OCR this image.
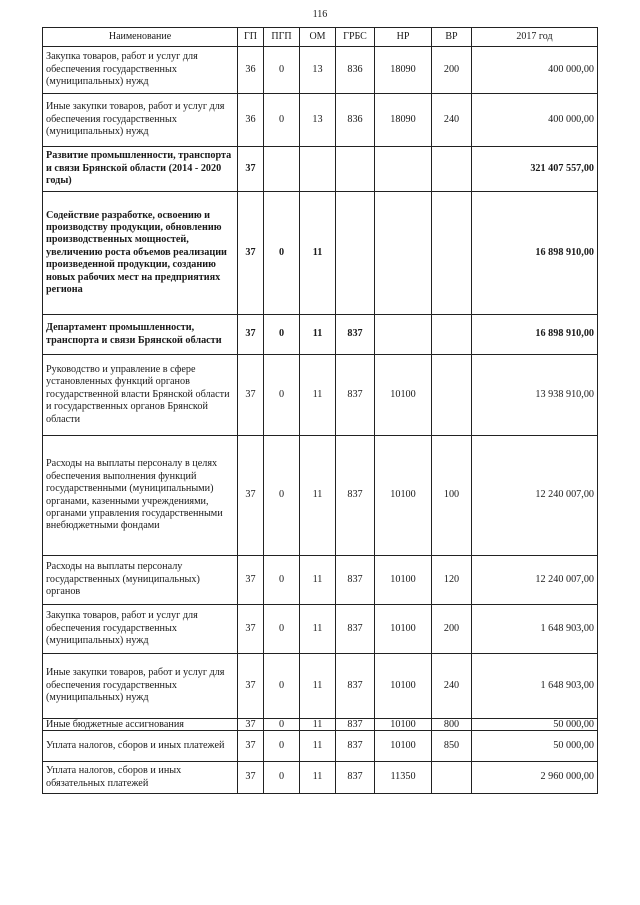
116
Наименование	ГП	ПГП	ОМ	ГРБС	НР	ВР	2017 год
Закупка товаров, работ и услуг для обеспечения государственных (муниципальных) нужд	36	0	13	836	18090	200	400 000,00
Иные закупки товаров, работ и услуг для обеспечения государственных (муниципальных) нужд	36	0	13	836	18090	240	400 000,00
Развитие промышленности, транспорта и связи Брянской области (2014 - 2020 годы)	37						321 407 557,00
Содействие разработке, освоению и производству продукции, обновлению производственных мощностей, увеличению роста объемов реализации произведенной продукции, созданию новых рабочих мест на предприятиях региона	37	0	11				16 898 910,00
Департамент промышленности, транспорта и связи Брянской области	37	0	11	837			16 898 910,00
Руководство и управление в сфере установленных функций органов государственной власти Брянской области и государственных органов Брянской области	37	0	11	837	10100		13 938 910,00
Расходы на выплаты персоналу в целях обеспечения выполнения функций государственными (муниципальными) органами, казенными учреждениями, органами управления государственными внебюджетными фондами	37	0	11	837	10100	100	12 240 007,00
Расходы на выплаты персоналу государственных (муниципальных) органов	37	0	11	837	10100	120	12 240 007,00
Закупка товаров, работ и услуг для обеспечения государственных (муниципальных) нужд	37	0	11	837	10100	200	1 648 903,00
Иные закупки товаров, работ и услуг для обеспечения государственных (муниципальных) нужд	37	0	11	837	10100	240	1 648 903,00
Иные бюджетные ассигнования	37	0	11	837	10100	800	50 000,00
Уплата налогов, сборов и иных платежей	37	0	11	837	10100	850	50 000,00
Уплата налогов, сборов и иных обязательных платежей	37	0	11	837	11350		2 960 000,00
